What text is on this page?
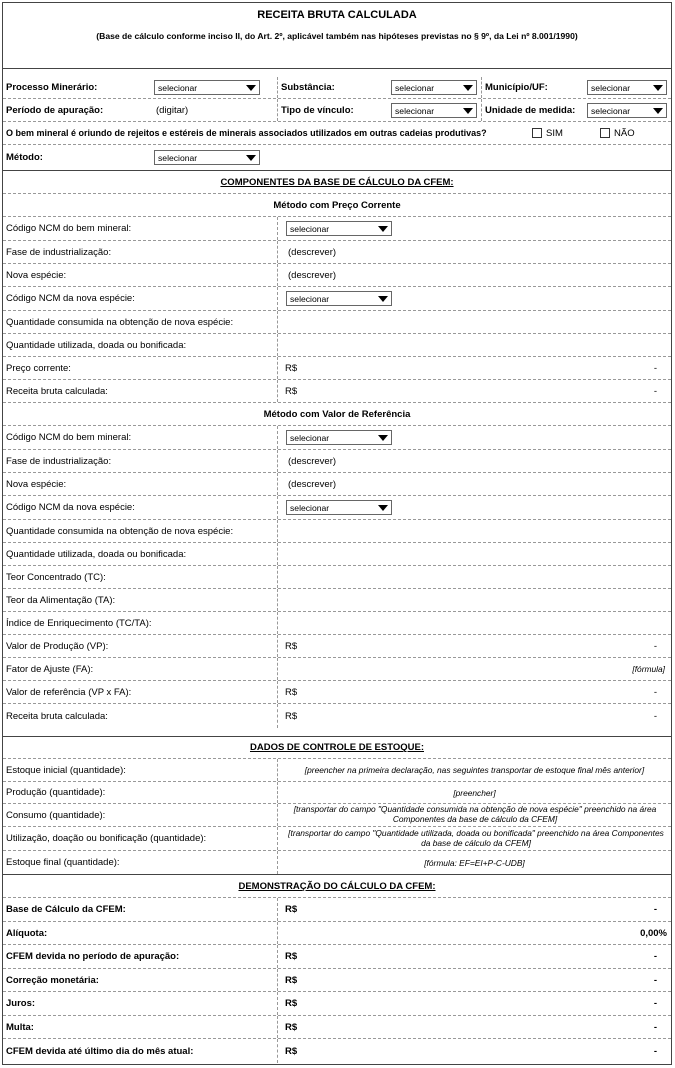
RECEITA BRUTA CALCULADA
(Base de cálculo conforme inciso II, do Art. 2º, aplicável também nas hipóteses previstas no § 9º, da Lei nº 8.001/1990)
Processo Minerário:	selecionar	Substância:	selecionar	Município/UF:	selecionar
Período de apuração:	(digitar)	Tipo de vínculo:	selecionar	Unidade de medida: selecionar
O bem mineral é oriundo de rejeitos e estéreis de minerais associados utilizados em outras cadeias produtivas?	SIM	NÃO
Método:	selecionar
COMPONENTES DA BASE DE CÁLCULO DA CFEM:
Método com Preço Corrente
Código NCM do bem mineral:	selecionar
Fase de industrialização:	(descrever)
Nova espécie:	(descrever)
Código NCM da nova espécie:	selecionar
Quantidade consumida na obtenção de nova espécie:
Quantidade utilizada, doada ou bonificada:
Preço corrente:	R$	-
Receita bruta calculada:	R$	-
Método com Valor de Referência
Código NCM do bem mineral:	selecionar
Fase de industrialização:	(descrever)
Nova espécie:	(descrever)
Código NCM da nova espécie:	selecionar
Quantidade consumida na obtenção de nova espécie:
Quantidade utilizada, doada ou bonificada:
Teor Concentrado (TC):
Teor da Alimentação (TA):
Índice de Enriquecimento (TC/TA):
Valor de Produção (VP):	R$	-
Fator de Ajuste (FA):	[fórmula]
Valor de referência (VP x FA):	R$	-
Receita bruta calculada:	R$	-
DADOS DE CONTROLE DE ESTOQUE:
Estoque inicial (quantidade):	[preencher na primeira declaração, nas seguintes transportar de estoque final mês anterior]
Produção (quantidade):	[preencher]
Consumo (quantidade):
[transportar do campo "Quantidade consumida na obtenção de nova espécie" preenchido na área Componentes da base de cálculo da CFEM]
Utilização, doação ou bonificação (quantidade):
[transportar do campo "Quantidade utilizada, doada ou bonificada" preenchido na área Componentes da base de cálculo da CFEM]
Estoque final (quantidade):	[fórmula: EF=EI+P-C-UDB]
DEMONSTRAÇÃO DO CÁLCULO DA CFEM:
Base de Cálculo da CFEM:	R$	-
Alíquota:	0,00%
CFEM devida no período de apuração:	R$	-
Correção monetária:	R$	-
Juros:	R$	-
Multa:	R$	-
CFEM devida até último dia do mês atual:	R$	-
